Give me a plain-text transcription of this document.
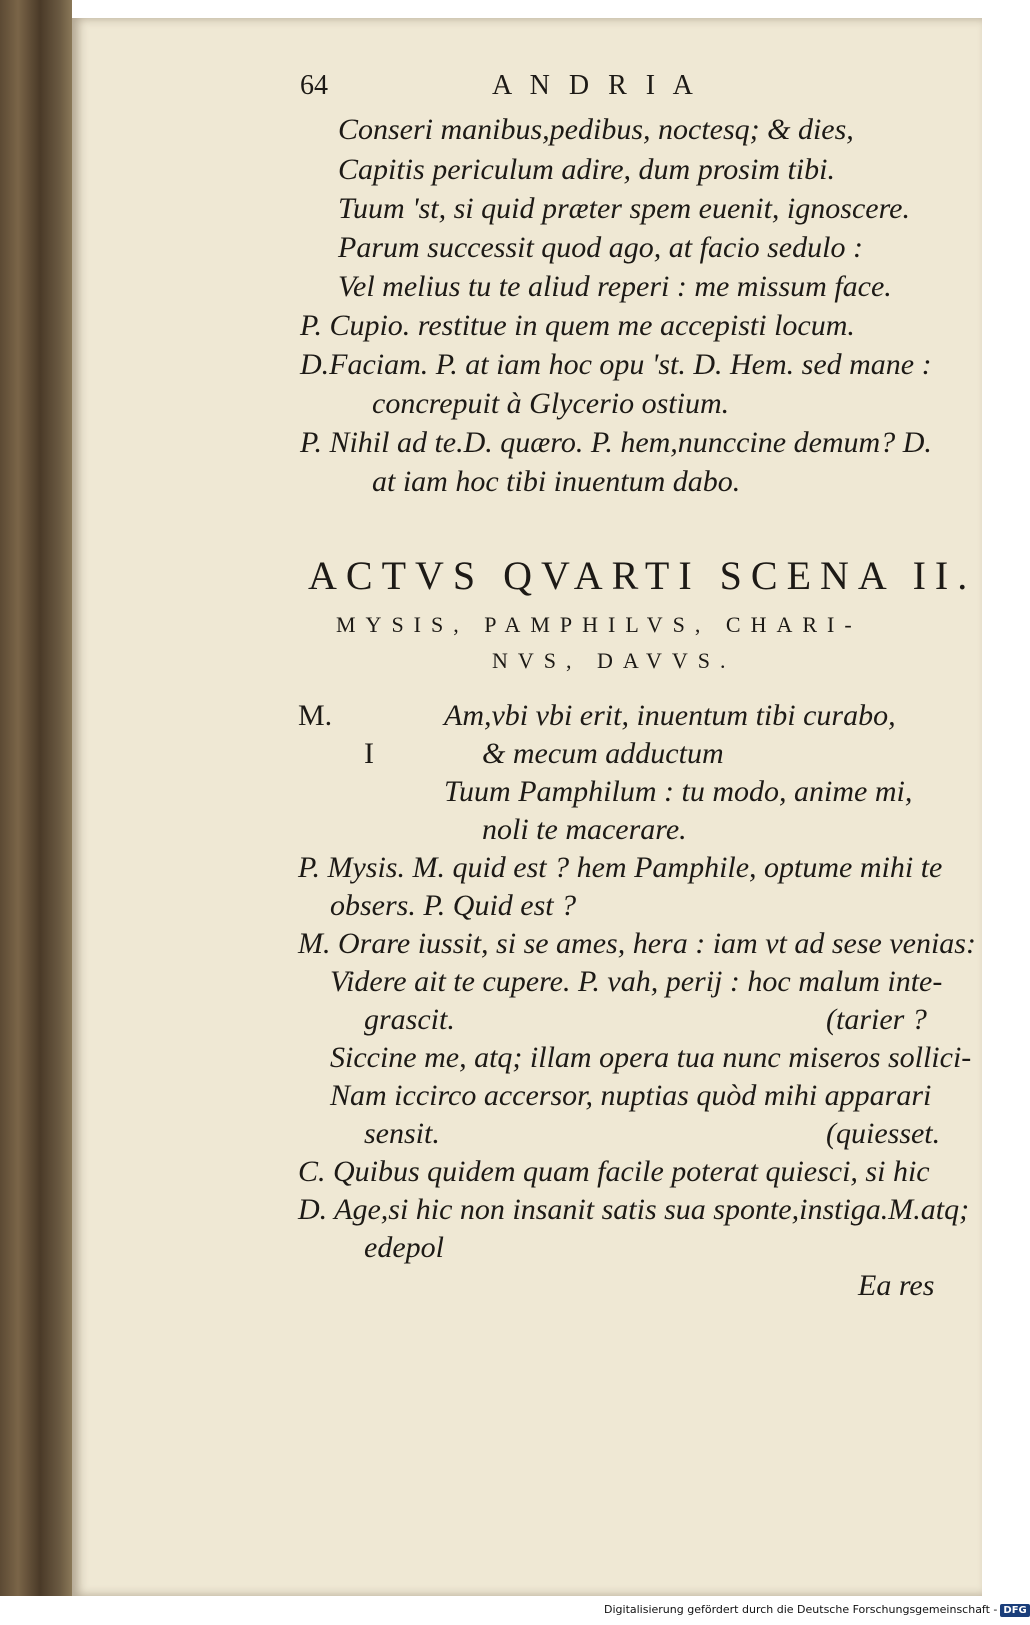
64	A N D R I A
Conseri manibus,pedibus, noctesq; & dies,
Capitis periculum adire, dum prosim tibi.
Tuum 'st, si quid prӕter spem euenit, ignoscere.
Parum successit quod ago, at facio sedulo :
Vel melius tu te aliud reperi : me missum face.
P. Cupio. restitue in quem me accepisti locum.
D.Faciam. P. at iam hoc opu 'st. D. Hem. sed mane :
concrepuit à Glycerio ostium.
P. Nihil ad te.D. quӕro. P. hem,nunccine demum? D.
at iam hoc tibi inuentum dabo.
ACTVS QVARTI SCENA II.
MYSIS, PAMPHILVS, CHARI-
NVS, DAVVS.
M.
I
Am,vbi vbi erit, inuentum tibi curabo,
& mecum adductum
Tuum Pamphilum : tu modo, anime mi,
noli te macerare.
P. Mysis. M. quid est ? hem Pamphile, optume mihi te
obsers. P. Quid est ?
M. Orare iussit, si se ames, hera : iam vt ad sese venias:
Videre ait te cupere. P. vah, perij : hoc malum inte-
grascit.	(tarier ?
Siccine me, atq; illam opera tua nunc miseros sollici-
Nam iccirco accersor, nuptias quòd mihi apparari
sensit.	(quiesset.
C. Quibus quidem quam facile poterat quiesci, si hic
D. Age,si hic non insanit satis sua sponte,instiga.M.atq;
edepol
Ea res
Digitalisierung gefördert durch die Deutsche Forschungsgemeinschaft - DFG
